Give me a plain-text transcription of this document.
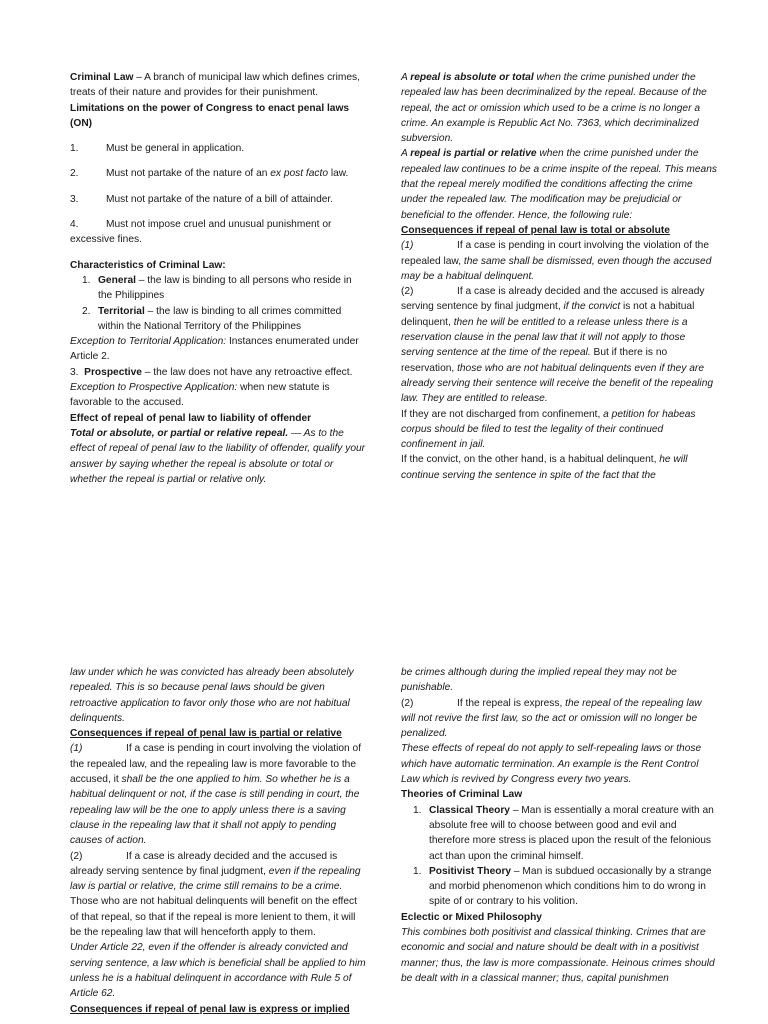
Criminal Law – A branch of municipal law which defines crimes, treats of their nature and provides for their punishment.

Limitations on the power of Congress to enact penal laws (ON)

1.	Must be general in application.

2.	Must not partake of the nature of an ex post facto law.

3.	Must not partake of the nature of a bill of attainder.

4.	Must not impose cruel and unusual punishment or excessive fines.

Characteristics of Criminal Law:

1. General – the law is binding to all persons who reside in the Philippines
2. Territorial – the law is binding to all crimes committed within the National Territory of the Philippines

Exception to Territorial Application: Instances enumerated under Article 2.

3. Prospective – the law does not have any retroactive effect.

Exception to Prospective Application: when new statute is favorable to the accused.

Effect of repeal of penal law to liability of offender

Total or absolute, or partial or relative repeal. — As to the effect of repeal of penal law to the liability of offender, qualify your answer by saying whether the repeal is absolute or total or whether the repeal is partial or relative only.

A repeal is absolute or total when the crime punished under the repealed law has been decriminalized by the repeal. Because of the repeal, the act or omission which used to be a crime is no longer a crime. An example is Republic Act No. 7363, which decriminalized subversion.

A repeal is partial or relative when the crime punished under the repealed law continues to be a crime inspite of the repeal. This means that the repeal merely modified the conditions affecting the crime under the repealed law. The modification may be prejudicial or beneficial to the offender. Hence, the following rule:

Consequences if repeal of penal law is total or absolute

(1)	If a case is pending in court involving the violation of the repealed law, the same shall be dismissed, even though the accused may be a habitual delinquent.

(2)	If a case is already decided and the accused is already serving sentence by final judgment, if the convict is not a habitual delinquent, then he will be entitled to a release unless there is a reservation clause in the penal law that it will not apply to those serving sentence at the time of the repeal. But if there is no reservation, those who are not habitual delinquents even if they are already serving their sentence will receive the benefit of the repealing law. They are entitled to release.

If they are not discharged from confinement, a petition for habeas corpus should be filed to test the legality of their continued confinement in jail.

If the convict, on the other hand, is a habitual delinquent, he will continue serving the sentence in spite of the fact that the

law under which he was convicted has already been absolutely repealed. This is so because penal laws should be given retroactive application to favor only those who are not habitual delinquents.

Consequences if repeal of penal law is partial or relative

(1)	If a case is pending in court involving the violation of the repealed law, and the repealing law is more favorable to the accused, it shall be the one applied to him. So whether he is a habitual delinquent or not, if the case is still pending in court, the repealing law will be the one to apply unless there is a saving clause in the repealing law that it shall not apply to pending causes of action.

(2)	If a case is already decided and the accused is already serving sentence by final judgment, even if the repealing law is partial or relative, the crime still remains to be a crime. Those who are not habitual delinquents will benefit on the effect of that repeal, so that if the repeal is more lenient to them, it will be the repealing law that will henceforth apply to them.

Under Article 22, even if the offender is already convicted and serving sentence, a law which is beneficial shall be applied to him unless he is a habitual delinquent in accordance with Rule 5 of Article 62.

Consequences if repeal of penal law is express or implied

be crimes although during the implied repeal they may not be punishable.

(2)	If the repeal is express, the repeal of the repealing law will not revive the first law, so the act or omission will no longer be penalized.

These effects of repeal do not apply to self-repealing laws or those which have automatic termination. An example is the Rent Control Law which is revived by Congress every two years.

Theories of Criminal Law

1. Classical Theory – Man is essentially a moral creature with an absolute free will to choose between good and evil and therefore more stress is placed upon the result of the felonious act than upon the criminal himself.
1. Positivist Theory – Man is subdued occasionally by a strange and morbid phenomenon which conditions him to do wrong in spite of or contrary to his volition.

Eclectic or Mixed Philosophy

This combines both positivist and classical thinking. Crimes that are economic and social and nature should be dealt with in a positivist manner; thus, the law is more compassionate. Heinous crimes should be dealt with in a classical manner; thus, capital punishmen
